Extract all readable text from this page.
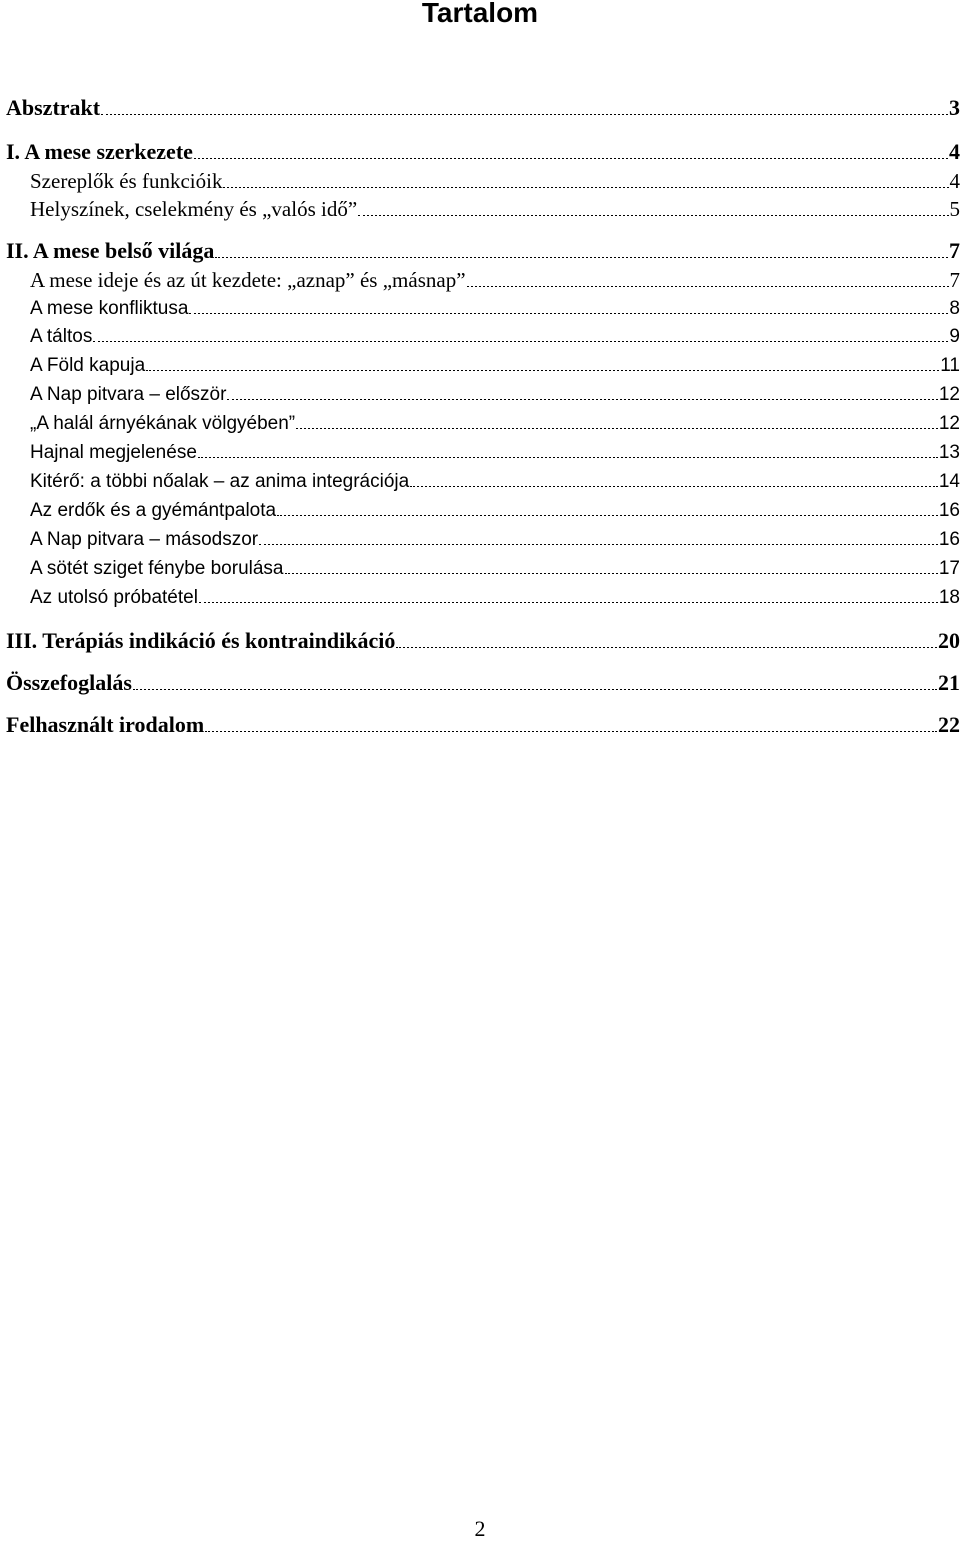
Tartalom
Absztrakt	3
I. A mese szerkezete	4
Szereplők és funkcióik	4
Helyszínek, cselekmény és „valós idő”	5
II. A mese belső világa	7
A mese ideje és az út kezdete: „aznap” és „másnap”	7
A mese konfliktusa	8
A táltos	9
A Föld kapuja	11
A Nap pitvara – először	12
„A halál árnyékának völgyében”	12
Hajnal megjelenése	13
Kitérő: a többi nőalak – az anima integrációja	14
Az erdők és a gyémántpalota	16
A Nap pitvara – másodszor	16
A sötét sziget fénybe borulása	17
Az utolsó próbatétel	18
III. Terápiás indikáció és kontraindikáció	20
Összefoglalás	21
Felhasznált irodalom	22
2
